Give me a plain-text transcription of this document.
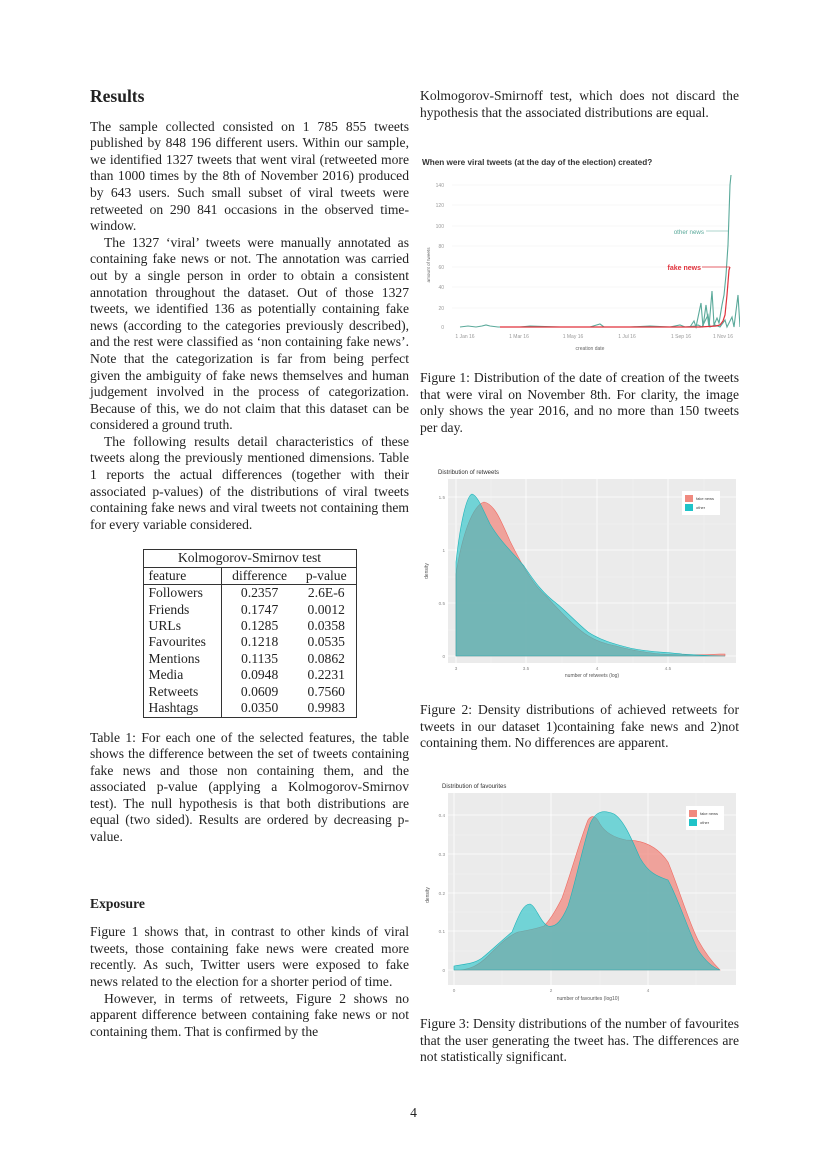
Results

The sample collected consisted on 1 785 855 tweets published by 848 196 different users. Within our sample, we identified 1327 tweets that went viral (retweeted more than 1000 times by the 8th of November 2016) produced by 643 users. Such small subset of viral tweets were retweeted on 290 841 occasions in the observed time-window.

The 1327 ‘viral’ tweets were manually annotated as containing fake news or not. The annotation was carried out by a single person in order to obtain a consistent annotation throughout the dataset. Out of those 1327 tweets, we identified 136 as potentially containing fake news (according to the categories previously described), and the rest were classified as ‘non containing fake news’. Note that the categorization is far from being perfect given the ambiguity of fake news themselves and human judgement involved in the process of categorization. Because of this, we do not claim that this dataset can be considered a ground truth.

The following results detail characteristics of these tweets along the previously mentioned dimensions. Table 1 reports the actual differences (together with their associated p-values) of the distributions of viral tweets containing fake news and viral tweets not containing them for every variable considered.

Kolmogorov-Smirnov test		
feature	difference	p-value
Followers	0.2357	2.6E-6
Friends	0.1747	0.0012
URLs	0.1285	0.0358
Favourites	0.1218	0.0535
Mentions	0.1135	0.0862
Media	0.0948	0.2231
Retweets	0.0609	0.7560
Hashtags	0.0350	0.9983

Table 1: For each one of the selected features, the table shows the difference between the set of tweets containing fake news and those non containing them, and the associated p-value (applying a Kolmogorov-Smirnov test). The null hypothesis is that both distributions are equal (two sided). Results are ordered by decreasing p-value.

Exposure

Figure 1 shows that, in contrast to other kinds of viral tweets, those containing fake news were created more recently. As such, Twitter users were exposed to fake news related to the election for a shorter period of time.

However, in terms of retweets, Figure 2 shows no apparent difference between containing fake news or not containing them. That is confirmed by the

Kolmogorov-Smirnoff test, which does not discard the hypothesis that the associated distributions are equal.

When were viral tweets (at the day of the election) created?
140
120
100
80
60
40
20
0
amount of tweets
1 Jan 16	1 Mar 16	1 May 16	1 Jul 16	1 Sep 16	1 Nov 16
creation date
fake news
other news

Figure 1: Distribution of the date of creation of the tweets that were viral on November 8th. For clarity, the image only shows the year 2016, and no more than 150 tweets per day.

Distribution of retweets
1.5
1
0.5
0
density
3	3.5	4	4.5
number of retweets (log)
fake news
other

Figure 2: Density distributions of achieved retweets for tweets in our dataset 1)containing fake news and 2)not containing them. No differences are apparent.

Distribution of favourites
0.4
0.3
0.2
0.1
0
density
0	2	4
number of favourites (log10)
fake news
other

Figure 3: Density distributions of the number of favourites that the user generating the tweet has. The differences are not statistically significant.

4
